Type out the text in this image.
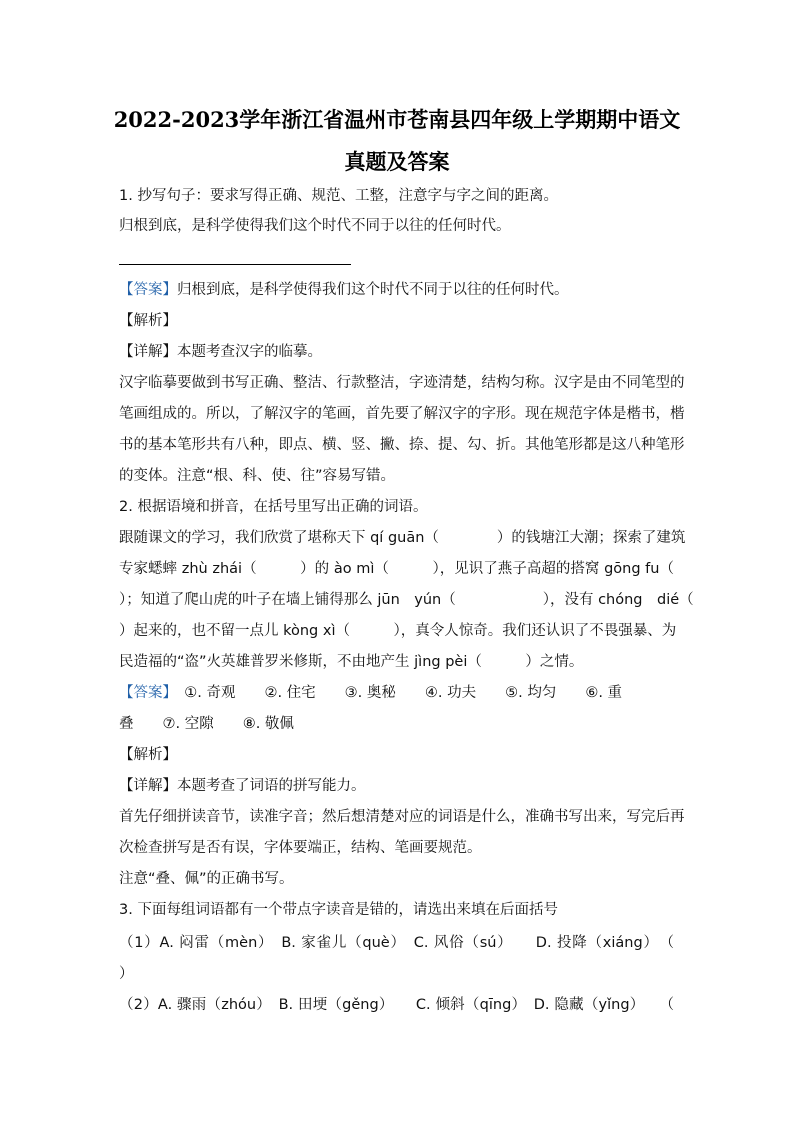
2022-2023学年浙江省温州市苍南县四年级上学期期中语文
真题及答案
1. 抄写句子：要求写得正确、规范、工整，注意字与字之间的距离。
归根到底，是科学使得我们这个时代不同于以往的任何时代。
【答案】归根到底，是科学使得我们这个时代不同于以往的任何时代。
【解析】
【详解】本题考查汉字的临摹。
汉字临摹要做到书写正确、整洁、行款整洁，字迹清楚，结构匀称。汉字是由不同笔型的
笔画组成的。所以，了解汉字的笔画，首先要了解汉字的字形。现在规范字体是楷书，楷
书的基本笔形共有八种，即点、横、竖、撇、捺、提、勾、折。其他笔形都是这八种笔形
的变体。注意“根、科、使、往”容易写错。
2. 根据语境和拼音，在括号里写出正确的词语。
跟随课文的学习，我们欣赏了堪称天下 qí guān（　　　　）的钱塘江大潮；探索了建筑
专家蟋蟀 zhù zhái（　　　）的 ào mì（　　　），见识了燕子高超的搭窝 gōng fu（
）；知道了爬山虎的叶子在墙上铺得那么 jūn　yún（　　　　　　），没有 chóng　dié（
）起来的，也不留一点儿 kòng xì（　　　），真令人惊奇。我们还认识了不畏强暴、为
民造福的“盗”火英雄普罗米修斯，不由地产生 jìng pèi（　　　）之情。
【答案】　 ①. 奇观　　②. 住宅　　③. 奥秘　　④. 功夫　　⑤. 均匀　　⑥. 重
叠　　⑦. 空隙　　⑧. 敬佩
【解析】
【详解】本题考查了词语的拼写能力。
首先仔细拼读音节，读准字音；然后想清楚对应的词语是什么，准确书写出来，写完后再
次检查拼写是否有误，字体要端正，结构、笔画要规范。
注意“叠、佩”的正确书写。
3. 下面每组词语都有一个带点字读音是错的，请选出来填在后面括号
（1）A. 闷雷（mèn）　B. 家雀儿（què）　C. 风俗（sú）　　D. 投降（xiáng）　（
）
（2）A. 骤雨（zhóu）　B. 田埂（gěng）　　C. 倾斜（qīng）　D. 隐藏（yǐng）　　（
